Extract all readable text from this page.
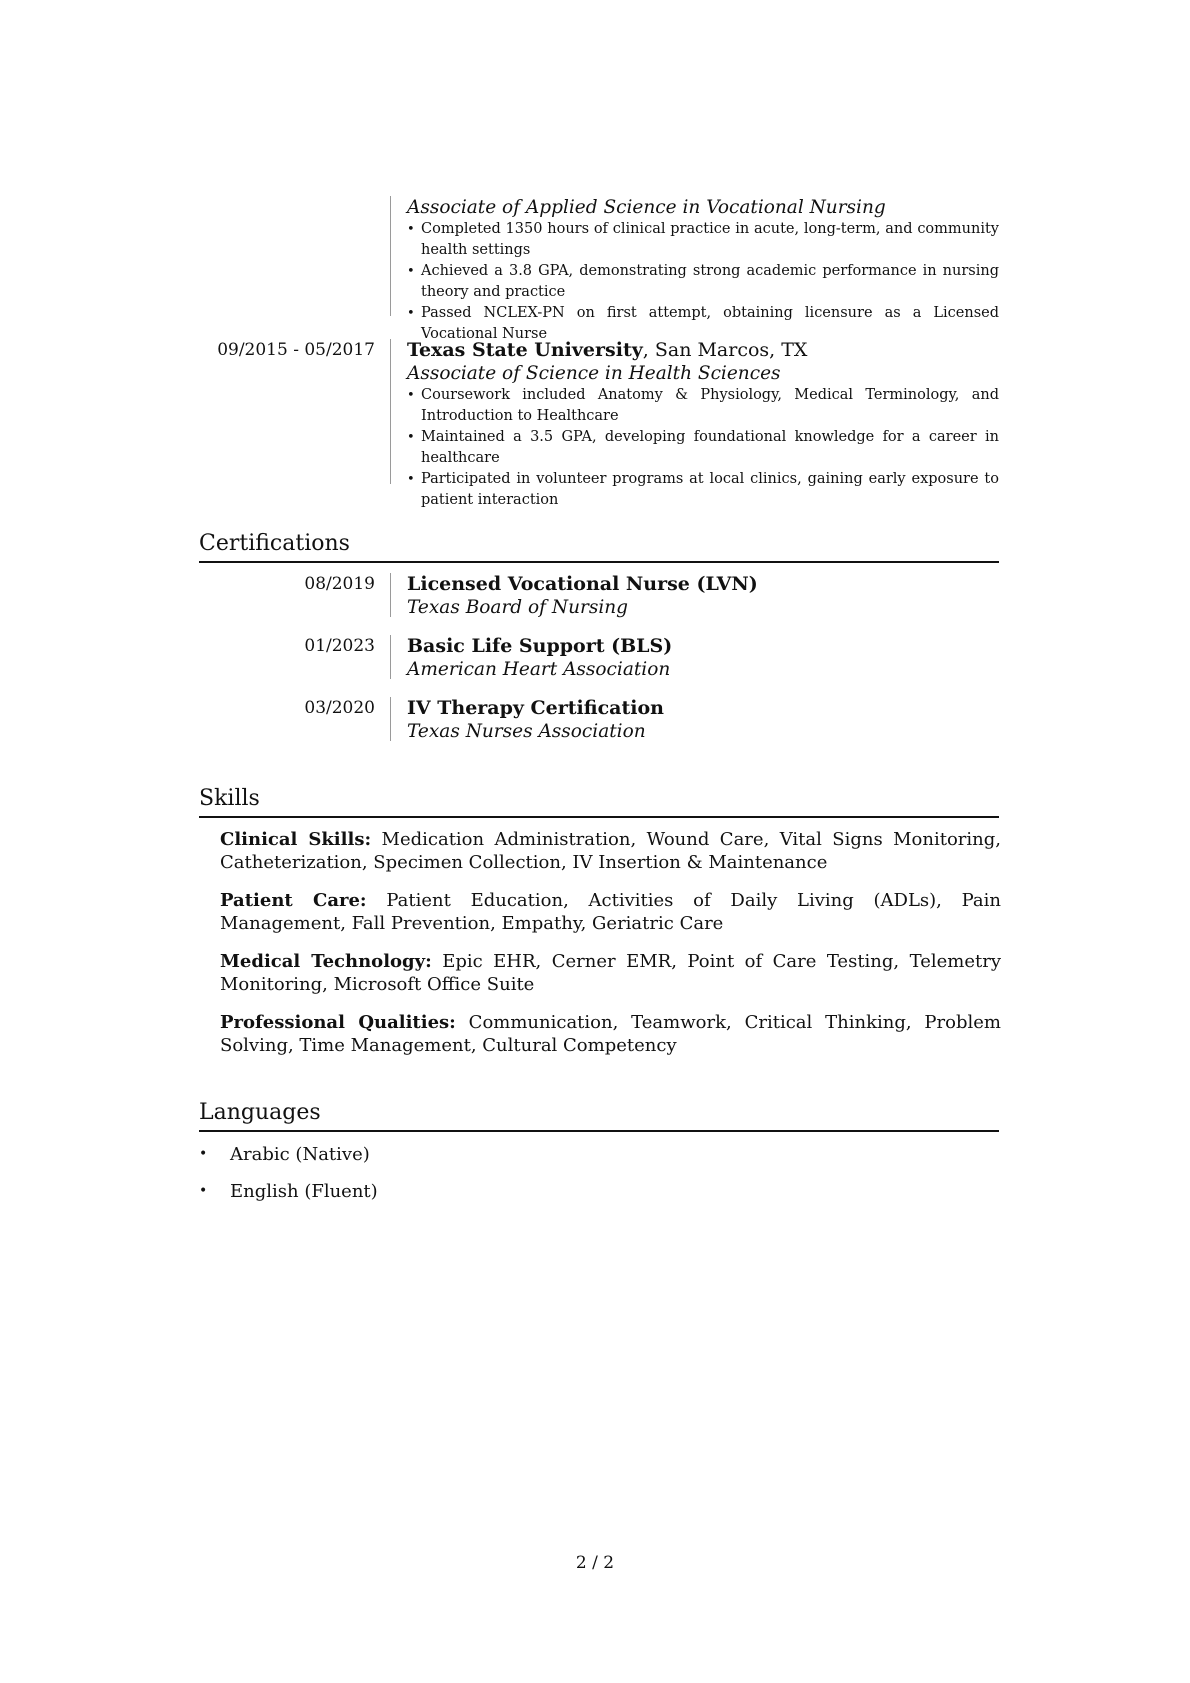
Associate of Applied Science in Vocational Nursing
• Completed 1350 hours of clinical practice in acute, long-term, and community health settings
• Achieved a 3.8 GPA, demonstrating strong academic performance in nursing theory and practice
• Passed NCLEX-PN on first attempt, obtaining licensure as a Licensed Vocational Nurse
09/2015 - 05/2017 Texas State University, San Marcos, TX
Associate of Science in Health Sciences
• Coursework included Anatomy & Physiology, Medical Terminology, and Introduction to Healthcare
• Maintained a 3.5 GPA, developing foundational knowledge for a career in healthcare
• Participated in volunteer programs at local clinics, gaining early exposure to patient interaction
Certifications
08/2019 Licensed Vocational Nurse (LVN)
Texas Board of Nursing
01/2023 Basic Life Support (BLS)
American Heart Association
03/2020 IV Therapy Certification
Texas Nurses Association
Skills
Clinical Skills: Medication Administration, Wound Care, Vital Signs Monitoring, Catheterization, Specimen Collection, IV Insertion & Maintenance
Patient Care: Patient Education, Activities of Daily Living (ADLs), Pain Management, Fall Prevention, Empathy, Geriatric Care
Medical Technology: Epic EHR, Cerner EMR, Point of Care Testing, Telemetry Monitoring, Microsoft Office Suite
Professional Qualities: Communication, Teamwork, Critical Thinking, Problem Solving, Time Management, Cultural Competency
Languages
• Arabic (Native)
• English (Fluent)
2 / 2
